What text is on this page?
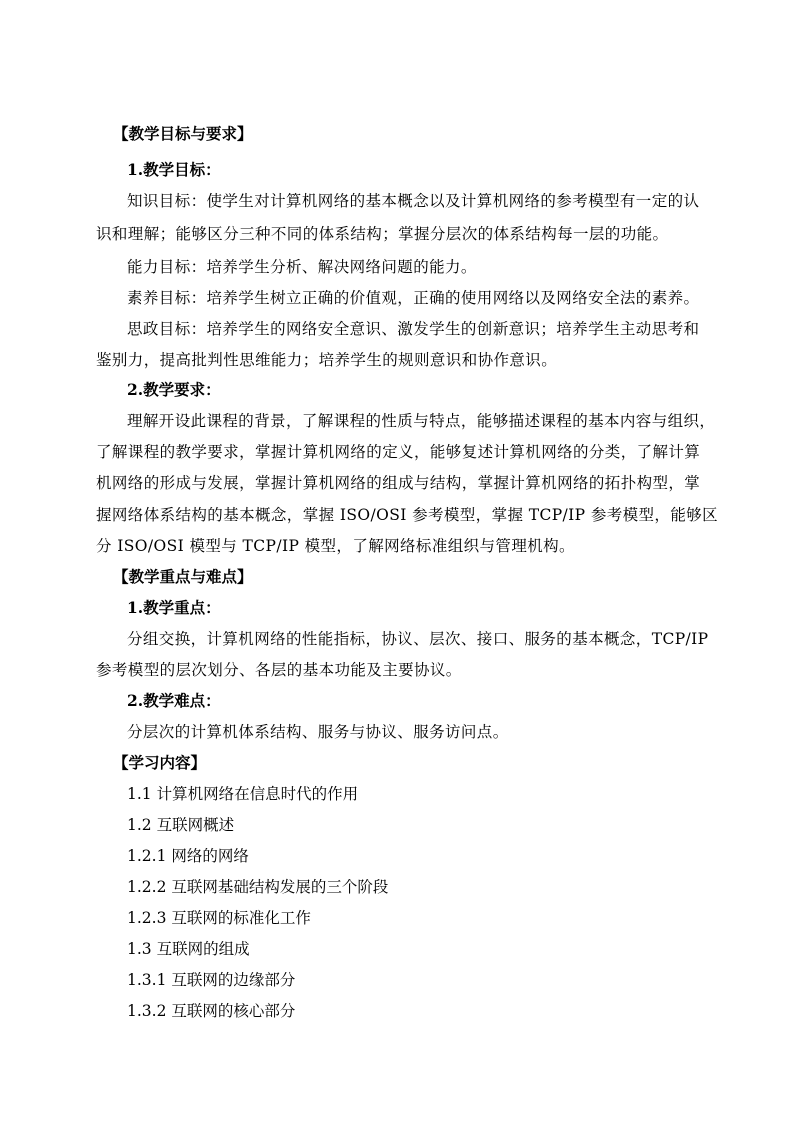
【教学目标与要求】

1.教学目标：

知识目标：使学生对计算机网络的基本概念以及计算机网络的参考模型有一定的认

识和理解；能够区分三种不同的体系结构；掌握分层次的体系结构每一层的功能。

能力目标：培养学生分析、解决网络问题的能力。

素养目标：培养学生树立正确的价值观，正确的使用网络以及网络安全法的素养。

思政目标：培养学生的网络安全意识、激发学生的创新意识；培养学生主动思考和

鉴别力，提高批判性思维能力；培养学生的规则意识和协作意识。

2.教学要求：

理解开设此课程的背景，了解课程的性质与特点，能够描述课程的基本内容与组织，

了解课程的教学要求，掌握计算机网络的定义，能够复述计算机网络的分类，了解计算

机网络的形成与发展，掌握计算机网络的组成与结构，掌握计算机网络的拓扑构型，掌

握网络体系结构的基本概念，掌握 ISO/OSI 参考模型，掌握 TCP/IP 参考模型，能够区

分 ISO/OSI 模型与 TCP/IP 模型，了解网络标准组织与管理机构。

【教学重点与难点】

1.教学重点：

分组交换，计算机网络的性能指标，协议、层次、接口、服务的基本概念，TCP/IP

参考模型的层次划分、各层的基本功能及主要协议。

2.教学难点：

分层次的计算机体系结构、服务与协议、服务访问点。

【学习内容】

1.1 计算机网络在信息时代的作用

1.2 互联网概述

1.2.1 网络的网络

1.2.2 互联网基础结构发展的三个阶段

1.2.3 互联网的标准化工作

1.3 互联网的组成

1.3.1 互联网的边缘部分

1.3.2 互联网的核心部分
